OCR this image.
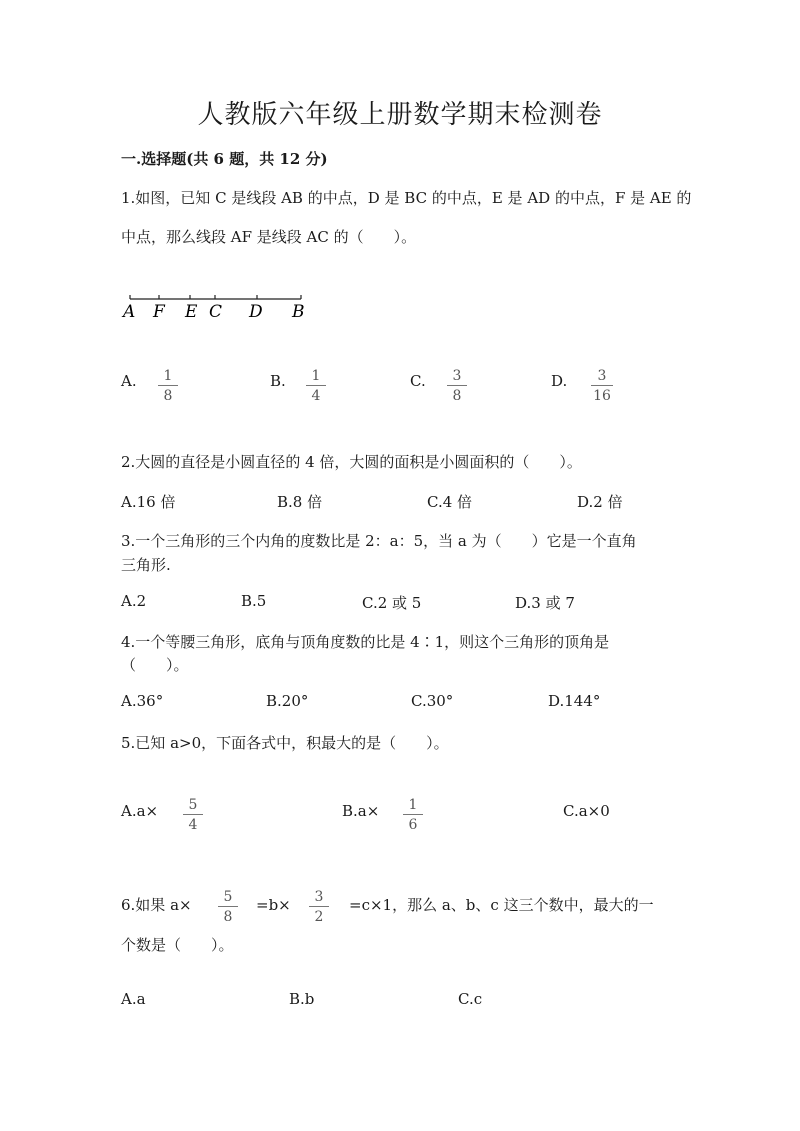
人教版六年级上册数学期末检测卷
一.选择题(共 6 题，共 12 分)
1.如图，已知 C 是线段 AB 的中点，D 是 BC 的中点，E 是 AD 的中点，F 是 AE 的
中点，那么线段 AF 是线段 AC 的（　　）。
A F E C D B
A.	1
8
B.	1
4
C.	3
8
D.	3
16
2.大圆的直径是小圆直径的 4 倍，大圆的面积是小圆面积的（　　）。
A.16 倍	B.8 倍	C.4 倍	D.2 倍
3.一个三角形的三个内角的度数比是 2：a：5，当 a 为（　　）它是一个直角
三角形.
A.2	B.5	C.2 或 5	D.3 或 7
4.一个等腰三角形，底角与顶角度数的比是 4∶1，则这个三角形的顶角是
（　　）。
A.36°	B.20°	C.30°	D.144°
5.已知 a>0，下面各式中，积最大的是（　　）。
A.a×	5
4
B.a×	1
6
C.a×0
6.如果 a×	5
8
=b×	3
2
=c×1，那么 a、b、c 这三个数中，最大的一
个数是（　　）。
A.a	B.b	C.c
